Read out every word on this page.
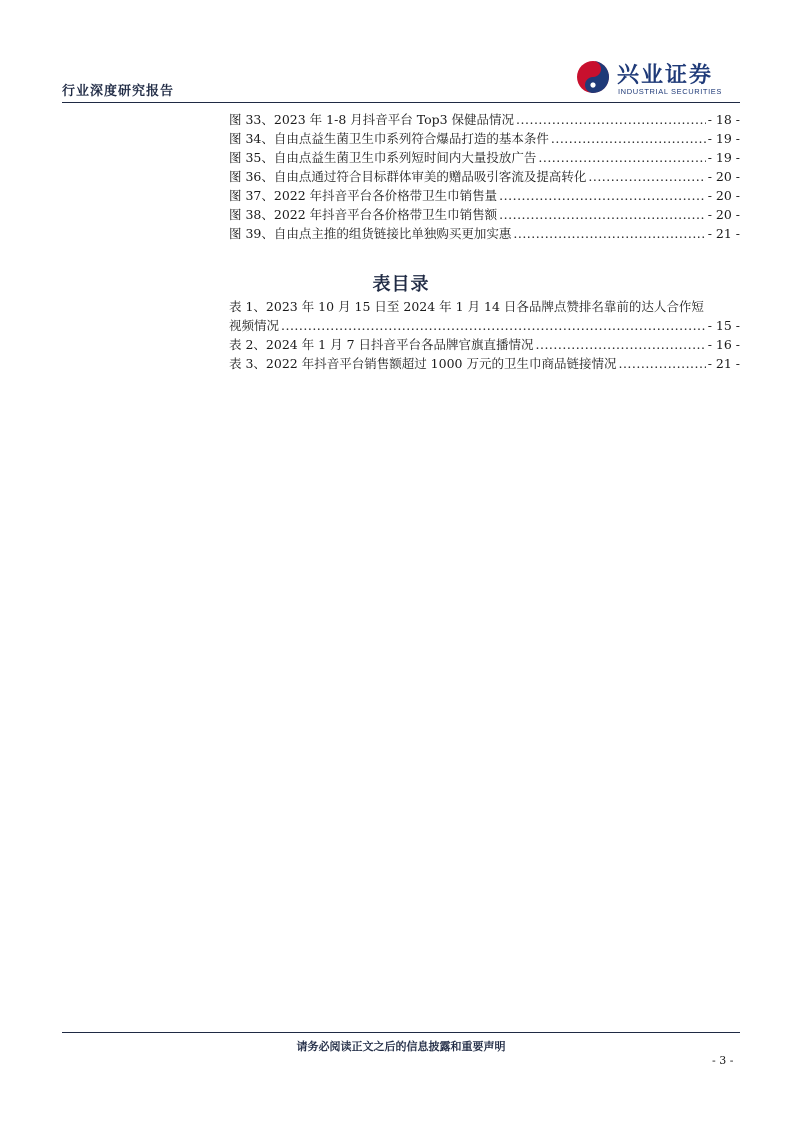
行业深度研究报告
兴业证券
INDUSTRIAL SECURITIES
图 33、2023 年 1-8 月抖音平台 Top3 保健品情况 .....	- 18 -
图 34、自由点益生菌卫生巾系列符合爆品打造的基本条件 .....	- 19 -
图 35、自由点益生菌卫生巾系列短时间内大量投放广告 .....	- 19 -
图 36、自由点通过符合目标群体审美的赠品吸引客流及提高转化 .....	- 20 -
图 37、2022 年抖音平台各价格带卫生巾销售量 .....	- 20 -
图 38、2022 年抖音平台各价格带卫生巾销售额 .....	- 20 -
图 39、自由点主推的组货链接比单独购买更加实惠 .....	- 21 -
表目录
表 1、2023 年 10 月 15 日至 2024 年 1 月 14 日各品牌点赞排名靠前的达人合作短
视频情况 .....	- 15 -
表 2、2024 年 1 月 7 日抖音平台各品牌官旗直播情况 .....	- 16 -
表 3、2022 年抖音平台销售额超过 1000 万元的卫生巾商品链接情况 .....	- 21 -
请务必阅读正文之后的信息披露和重要声明
- 3 -
